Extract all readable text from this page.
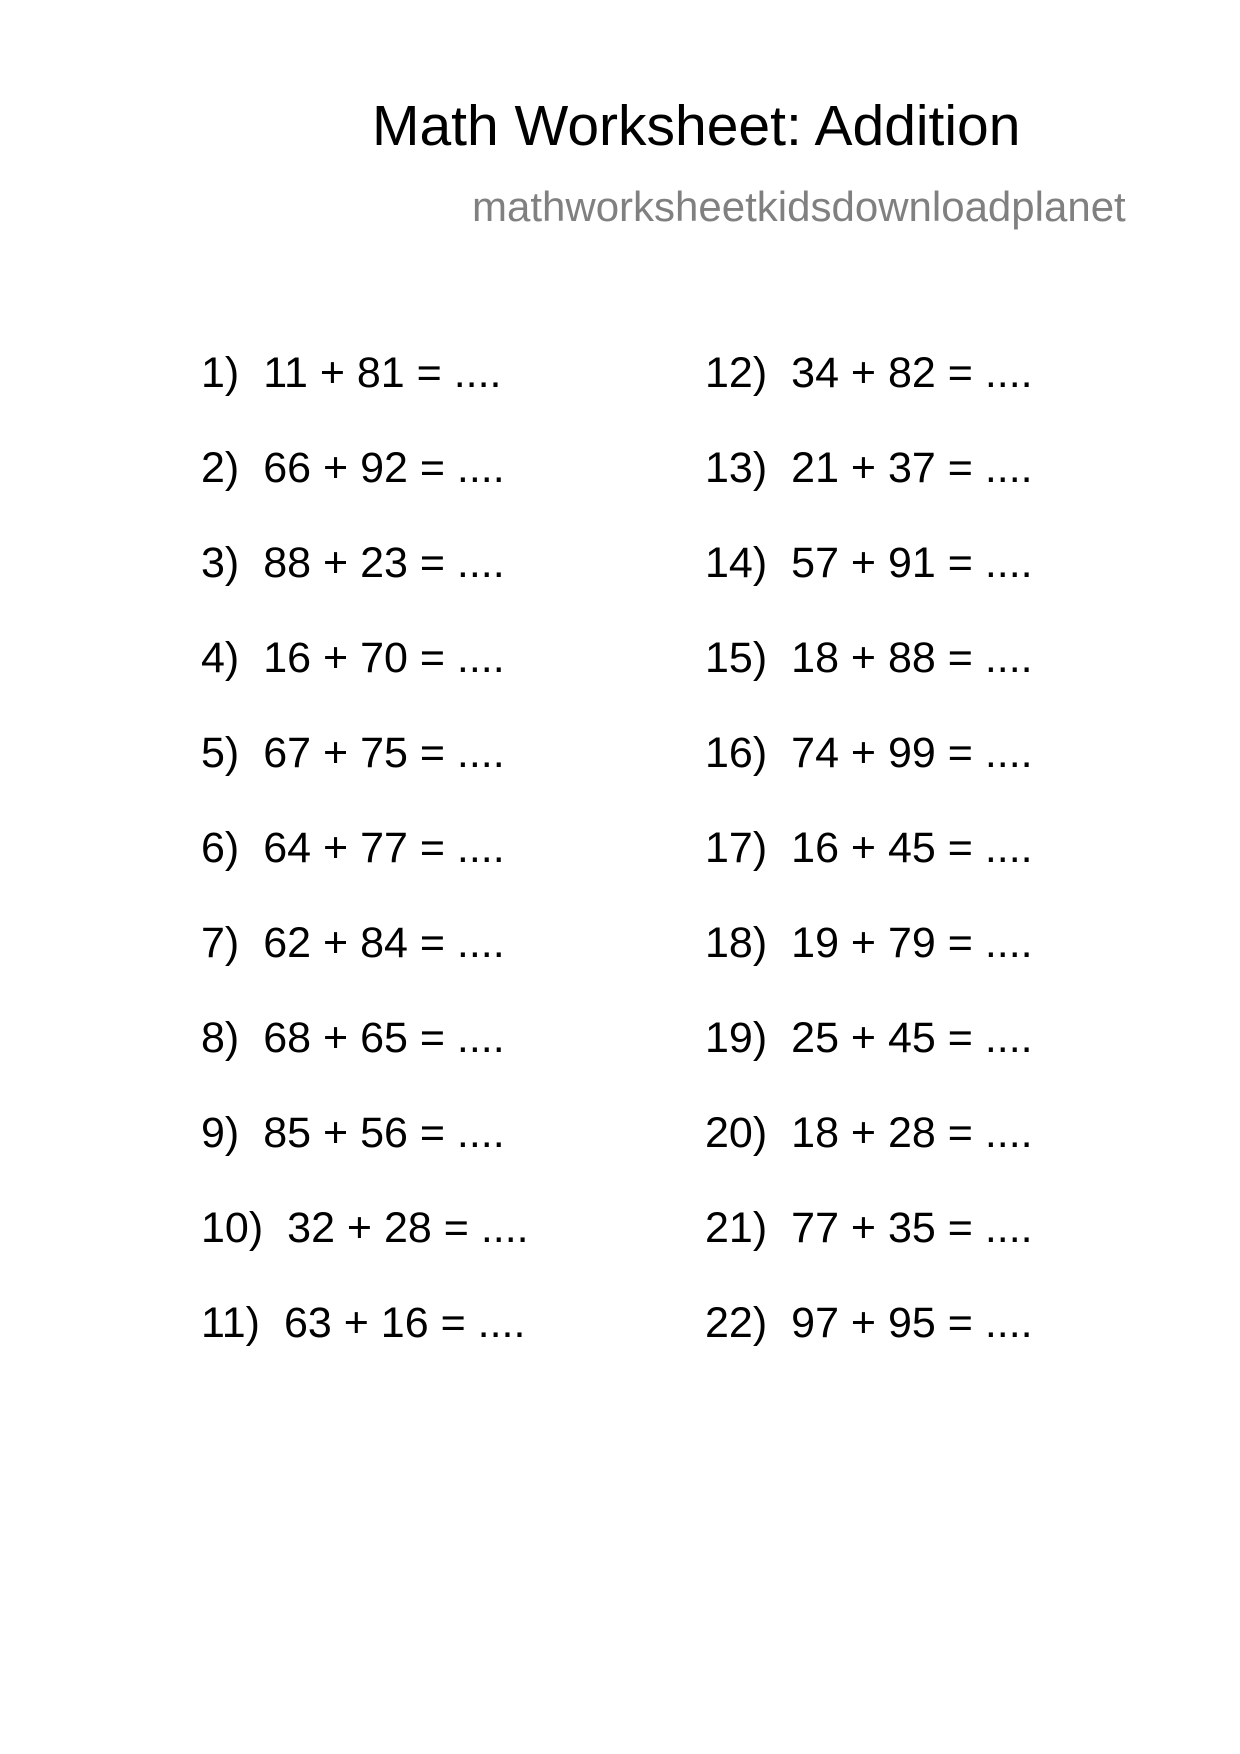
Math Worksheet: Addition
mathworksheetkidsdownloadplanet
1) 11 + 81 = ....
2) 66 + 92 = ....
3) 88 + 23 = ....
4) 16 + 70 = ....
5) 67 + 75 = ....
6) 64 + 77 = ....
7) 62 + 84 = ....
8) 68 + 65 = ....
9) 85 + 56 = ....
10) 32 + 28 = ....
11) 63 + 16 = ....
12) 34 + 82 = ....
13) 21 + 37 = ....
14) 57 + 91 = ....
15) 18 + 88 = ....
16) 74 + 99 = ....
17) 16 + 45 = ....
18) 19 + 79 = ....
19) 25 + 45 = ....
20) 18 + 28 = ....
21) 77 + 35 = ....
22) 97 + 95 = ....
